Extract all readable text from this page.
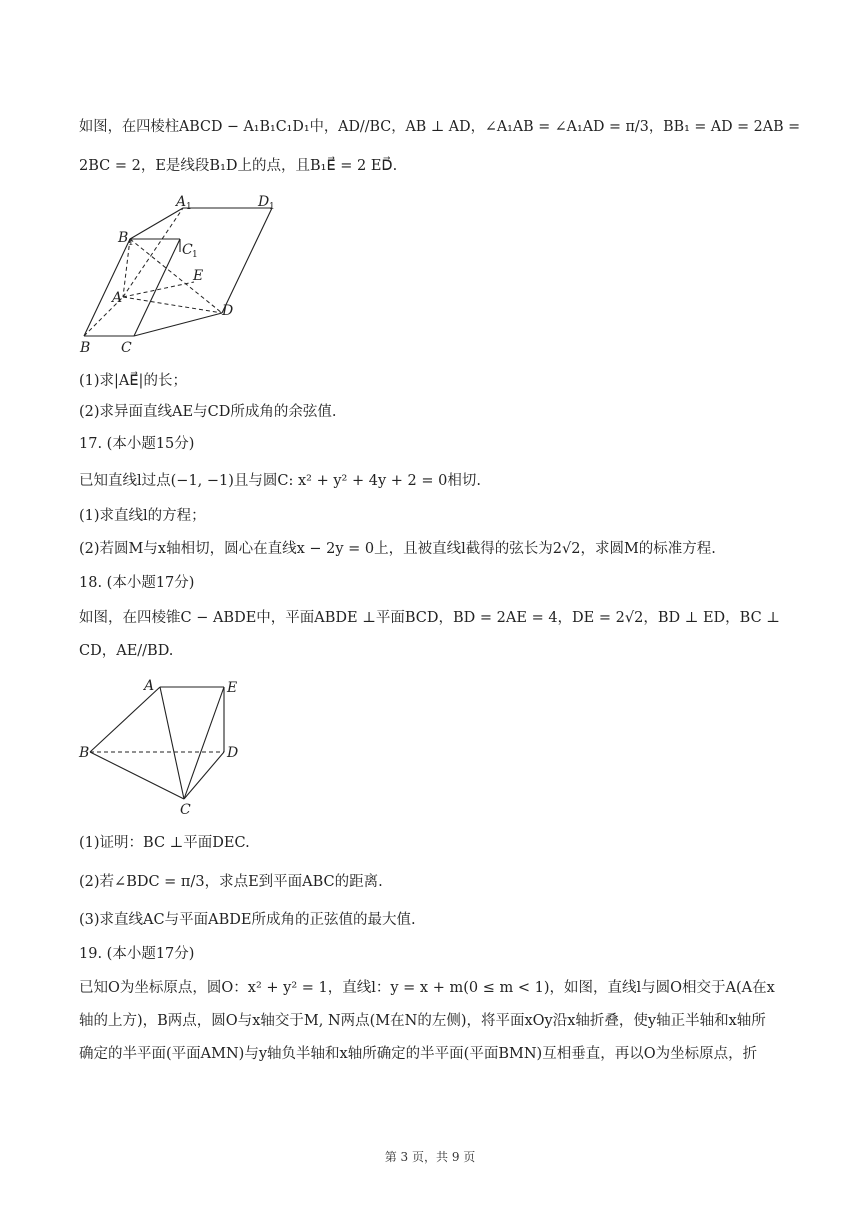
如图，在四棱柱ABCD − A₁B₁C₁D₁中，AD//BC，AB ⊥ AD，∠A₁AB = ∠A₁AD = π/3，BB₁ = AD = 2AB =
2BC = 2，E是线段B₁D上的点，且B₁E⃗ = 2 ED⃗.
A 1	D 1
B 1	C 1
E
A
D
B C
(1)求|AE⃗|的长；
(2)求异面直线AE与CD所成角的余弦值.
17. (本小题15分)
已知直线l过点(−1, −1)且与圆C: x² + y² + 4y + 2 = 0相切.
(1)求直线l的方程；
(2)若圆M与x轴相切，圆心在直线x − 2y = 0上，且被直线l截得的弦长为2√2，求圆M的标准方程.
18. (本小题17分)
如图，在四棱锥C − ABDE中，平面ABDE ⊥平面BCD，BD = 2AE = 4，DE = 2√2，BD ⊥ ED，BC ⊥
CD，AE//BD.
A	E
B	D
C
(1)证明：BC ⊥平面DEC.
(2)若∠BDC = π/3，求点E到平面ABC的距离.
(3)求直线AC与平面ABDE所成角的正弦值的最大值.
19. (本小题17分)
已知O为坐标原点，圆O：x² + y² = 1，直线l：y = x + m(0 ≤ m < 1)，如图，直线l与圆O相交于A(A在x
轴的上方)，B两点，圆O与x轴交于M, N两点(M在N的左侧)，将平面xOy沿x轴折叠，使y轴正半轴和x轴所
确定的半平面(平面AMN)与y轴负半轴和x轴所确定的半平面(平面BMN)互相垂直，再以O为坐标原点，折
第 3 页，共 9 页
